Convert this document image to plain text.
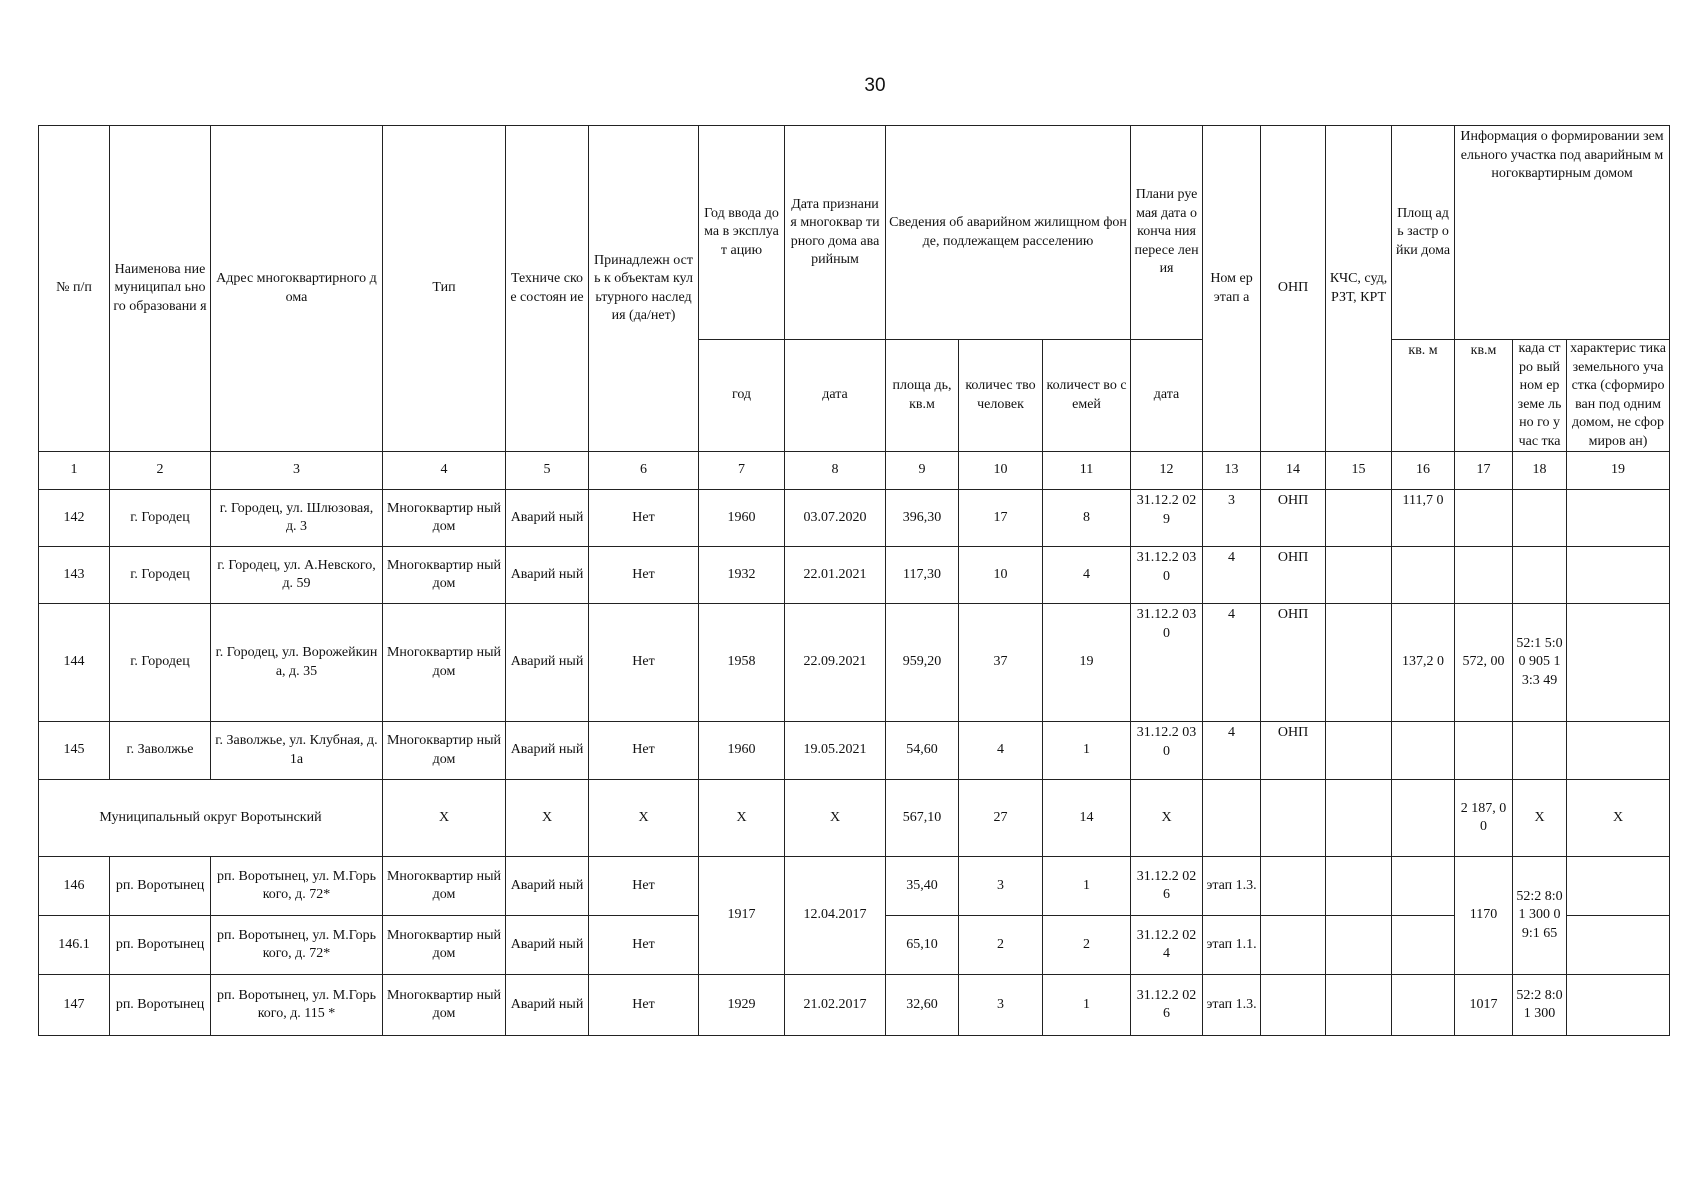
30
№ п/п	Наименова ние муниципал ьного образовани я	Адрес многоквартирного дома	Тип	Техниче ское состоян ие	Принадлежн ость к объектам культурного наследия (да/нет)	Год ввода дома в эксплуат ацию	Дата признания многоквар тирного дома аварийным	Сведения об аварийном жилищном фонде, подлежащем расселению			Плани руемая дата оконча ния пересе ления	Ном ер этап а	ОНП	КЧС, суд, РЗТ, КРТ	Площ адь застр ойки дома	Информация о формировании земельного участка под аварийным многоквартирным домом		
						год	дата	площа дь, кв.м	количес тво человек	количест во семей	дата				кв. м	кв.м	када стро вый ном ер земе льно го учас тка	характерис тика земельного участка (сформиро ван под одним домом, не сформиров ан)
1	2	3	4	5	6	7	8	9	10	11	12	13	14	15	16	17	18	19
142	г. Городец	г. Городец, ул. Шлюзовая, д. 3	Многоквартир ный дом	Аварий ный	Нет	1960	03.07.2020	396,30	17	8	31.12.2 029	3	ОНП		111,7 0			
143	г. Городец	г. Городец, ул. А.Невского, д. 59	Многоквартир ный дом	Аварий ный	Нет	1932	22.01.2021	117,30	10	4	31.12.2 030	4	ОНП					
144	г. Городец	г. Городец, ул. Ворожейкина, д. 35	Многоквартир ный дом	Аварий ный	Нет	1958	22.09.2021	959,20	37	19	31.12.2 030	4	ОНП		137,2 0	572, 00	52:1 5:00 905 13:3 49	
145	г. Заволжье	г. Заволжье, ул. Клубная, д. 1а	Многоквартир ный дом	Аварий ный	Нет	1960	19.05.2021	54,60	4	1	31.12.2 030	4	ОНП					
Муниципальный округ Воротынский			X	X	X	X	X	567,10	27	14	X					2 187, 00	X	X
146	рп. Воротынец	рп. Воротынец, ул. М.Горького, д. 72*	Многоквартир ный дом	Аварий ный	Нет	1917	12.04.2017	35,40	3	1	31.12.2 026	этап 1.3.				1170	52:2 8:01 300 09:1 65	
146.1	рп. Воротынец	рп. Воротынец, ул. М.Горького, д. 72*	Многоквартир ный дом	Аварий ный	Нет			65,10	2	2	31.12.2 024	этап 1.1.						
147	рп. Воротынец	рп. Воротынец, ул. М.Горького, д. 115 *	Многоквартир ный дом	Аварий ный	Нет	1929	21.02.2017	32,60	3	1	31.12.2 026	этап 1.3.				1017	52:2 8:01 300	
